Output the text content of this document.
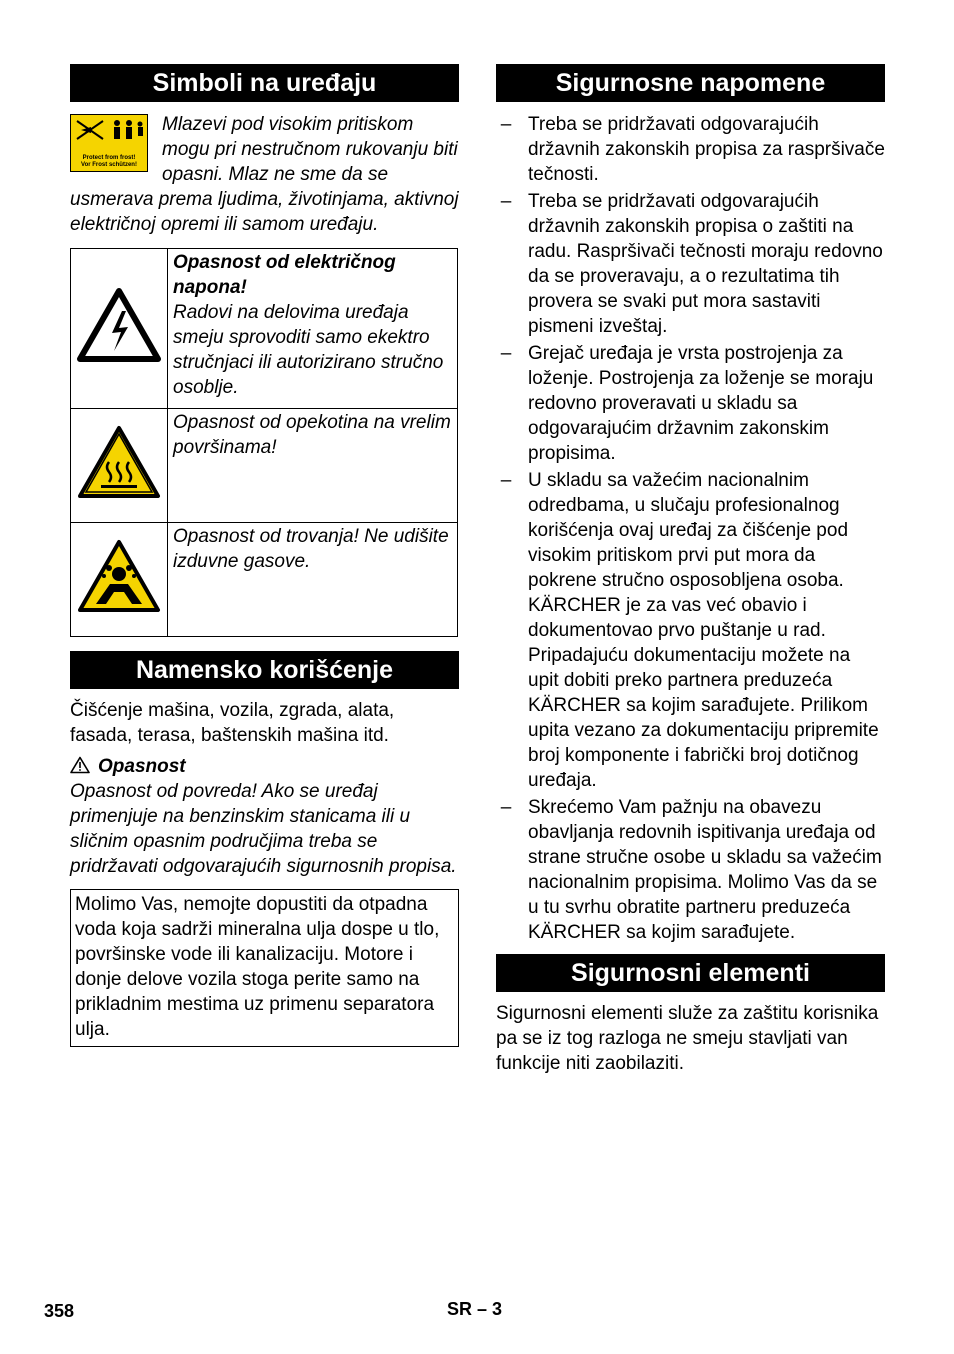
Simboli na uređaju
Protect from frost!
Vor Frost schützen!
Mlazevi pod visokim pritiskom mogu pri nestručnom rukovanju biti opasni. Mlaz ne sme da se usmerava prema ljudima, životinjama, aktivnoj električnoj opremi ili samom uređaju.

Opasnost od električnog napona!
Radovi na delovima uređaja smeju sprovoditi samo ekektro stručnjaci ili autorizirano stručno osoblje.

Opasnost od opekotina na vrelim površinama!

Opasnost od trovanja! Ne udišite izduvne gasove.
Namensko korišćenje
Čišćenje mašina, vozila, zgrada, alata, fasada, terasa, baštenskih mašina itd.
Opasnost
Opasnost od povreda! Ako se uređaj primenjuje na benzinskim stanicama ili u sličnim opasnim područjima treba se pridržavati odgovarajućih sigurnosnih propisa.
Molimo Vas, nemojte dopustiti da otpadna voda koja sadrži mineralna ulja dospe u tlo, površinske vode ili kanalizaciju. Motore i donje delove vozila stoga perite samo na prikladnim mestima uz primenu separatora ulja.
Sigurnosne napomene
– Treba se pridržavati odgovarajućih državnih zakonskih propisa za raspršivače tečnosti.
– Treba se pridržavati odgovarajućih državnih zakonskih propisa o zaštiti na radu. Raspršivači tečnosti moraju redovno da se proveravaju, a o rezultatima tih provera se svaki put mora sastaviti pismeni izveštaj.
– Grejač uređaja je vrsta postrojenja za loženje. Postrojenja za loženje se moraju redovno proveravati u skladu sa odgovarajućim državnim zakonskim propisima.
– U skladu sa važećim nacionalnim odredbama, u slučaju profesionalnog korišćenja ovaj uređaj za čišćenje pod visokim pritiskom prvi put mora da pokrene stručno osposobljena osoba. KÄRCHER je za vas već obavio i dokumentovao prvo puštanje u rad. Pripadajuću dokumentaciju možete na upit dobiti preko partnera preduzeća KÄRCHER sa kojim sarađujete. Prilikom upita vezano za dokumentaciju pripremite broj komponente i fabrički broj dotičnog uređaja.
– Skrećemo Vam pažnju na obavezu obavljanja redovnih ispitivanja uređaja od strane stručne osobe u skladu sa važećim nacionalnim propisima. Molimo Vas da se u tu svrhu obratite partneru preduzeća KÄRCHER sa kojim sarađujete.
Sigurnosni elementi
Sigurnosni elementi služe za zaštitu korisnika pa se iz tog razloga ne smeju stavljati van funkcije niti zaobilaziti.
358	SR – 3
